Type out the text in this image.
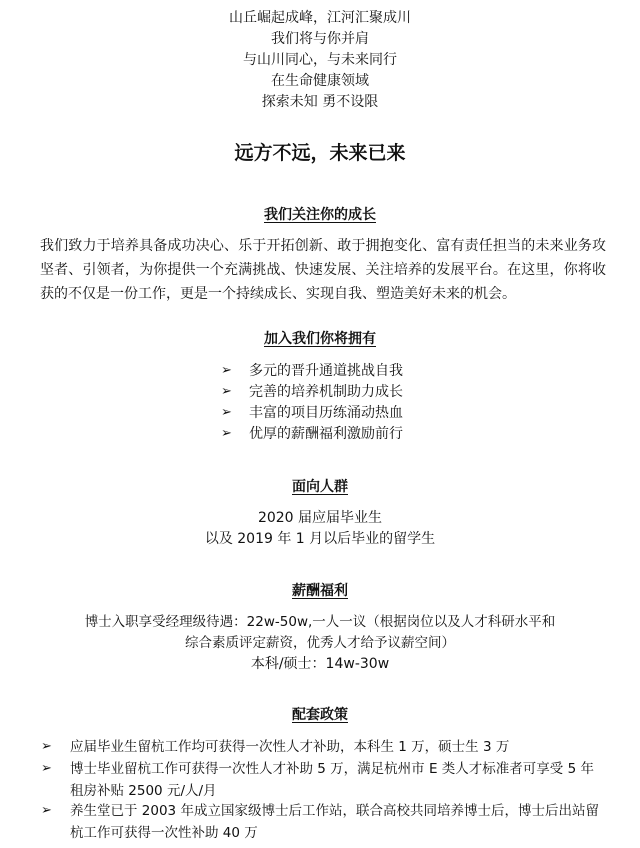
山丘崛起成峰，江河汇聚成川
我们将与你并肩
与山川同心，与未来同行
在生命健康领域
探索未知 勇不设限
远方不远，未来已来
我们关注你的成长
我们致力于培养具备成功决心、乐于开拓创新、敢于拥抱变化、富有责任担当的未来业务攻坚者、引领者，为你提供一个充满挑战、快速发展、关注培养的发展平台。在这里，你将收获的不仅是一份工作，更是一个持续成长、实现自我、塑造美好未来的机会。
加入我们你将拥有
➢ 多元的晋升通道挑战自我
➢ 完善的培养机制助力成长
➢ 丰富的项目历练涌动热血
➢ 优厚的薪酬福利激励前行
面向人群
2020 届应届毕业生
以及 2019 年 1 月以后毕业的留学生
薪酬福利
博士入职享受经理级待遇：22w-50w,一人一议（根据岗位以及人才科研水平和
综合素质评定薪资，优秀人才给予议薪空间）
本科/硕士：14w-30w
配套政策
➢ 应届毕业生留杭工作均可获得一次性人才补助，本科生 1 万，硕士生 3 万
➢ 博士毕业留杭工作可获得一次性人才补助 5 万，满足杭州市 E 类人才标准者可享受 5 年租房补贴 2500 元/人/月
➢ 养生堂已于 2003 年成立国家级博士后工作站，联合高校共同培养博士后，博士后出站留杭工作可获得一次性补助 40 万
